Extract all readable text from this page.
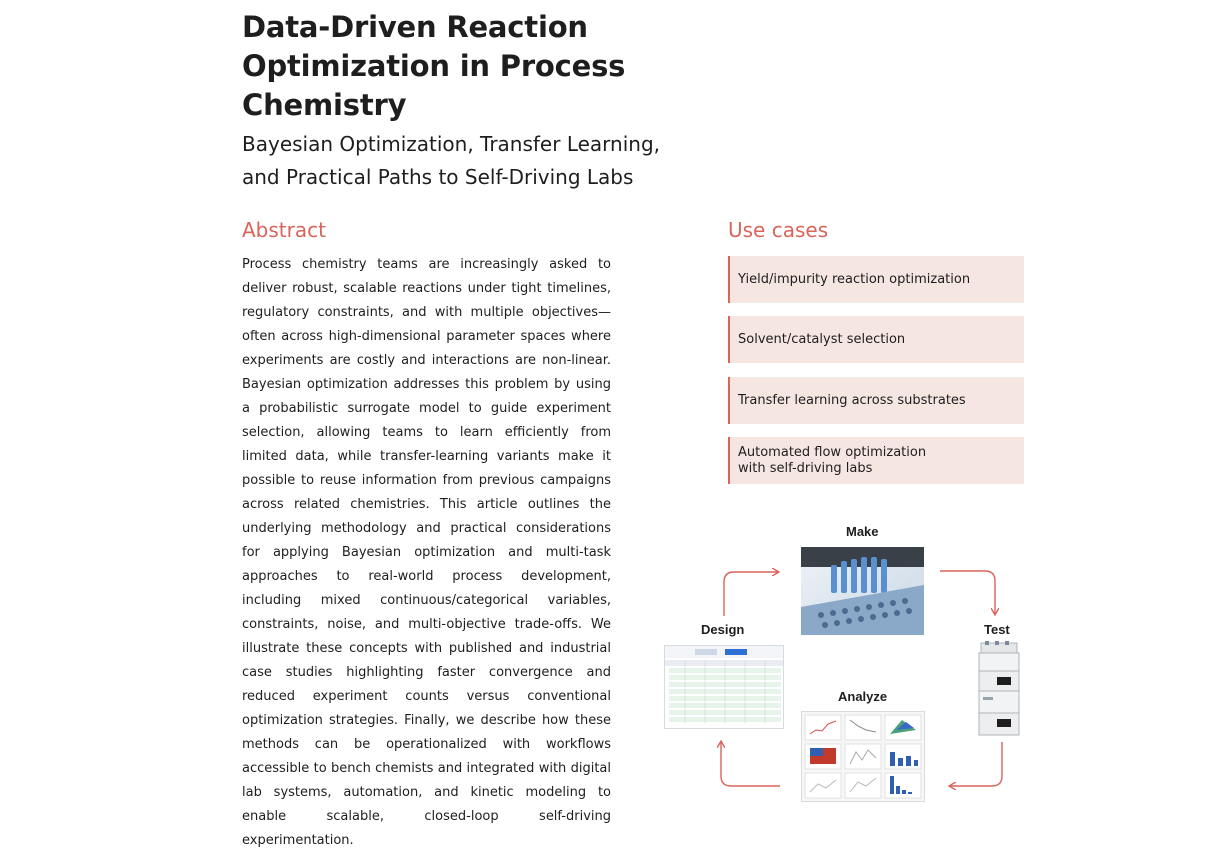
Data-Driven Reaction Optimization in Process Chemistry
Bayesian Optimization, Transfer Learning, and Practical Paths to Self-Driving Labs
Abstract

Process chemistry teams are increasingly asked to deliver robust, scalable reactions under tight timelines, regulatory constraints, and with multiple objectives—often across high-dimensional parameter spaces where experiments are costly and interactions are non-linear. Bayesian optimization addresses this problem by using a probabilistic surrogate model to guide experiment selection, allowing teams to learn efficiently from limited data, while transfer-learning variants make it possible to reuse information from previous campaigns across related chemistries. This article outlines the underlying methodology and practical considerations for applying Bayesian optimization and multi-task approaches to real-world process development, including mixed continuous/categorical variables, constraints, noise, and multi-objective trade-offs. We illustrate these concepts with published and industrial case studies highlighting faster convergence and reduced experiment counts versus conventional optimization strategies. Finally, we describe how these methods can be operationalized with workflows accessible to bench chemists and integrated with digital lab systems, automation, and kinetic modeling to enable scalable, closed-loop self-driving experimentation.

Use cases
Yield/impurity reaction optimization
Solvent/catalyst selection
Transfer learning across substrates
Automated flow optimization
with self-driving labs
Make
Test
Analyze
Design
